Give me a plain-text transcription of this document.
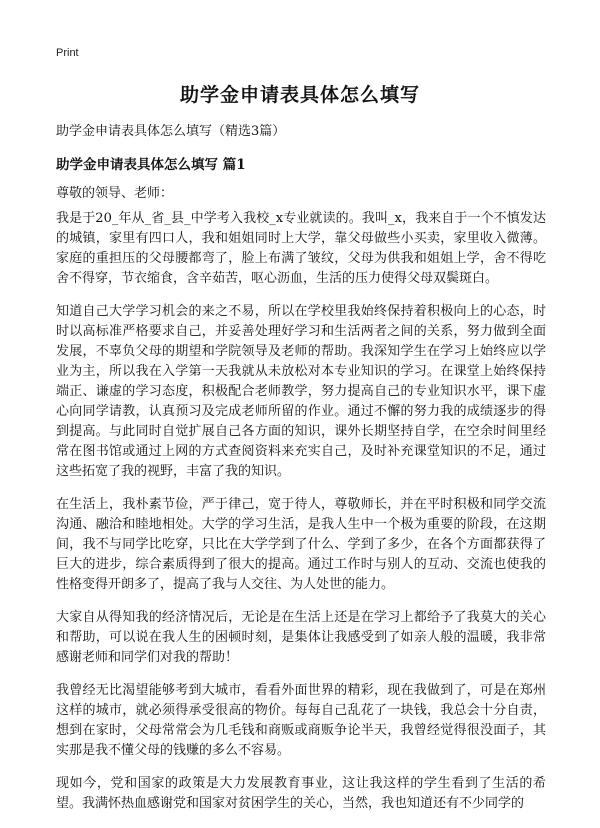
Print
助学金申请表具体怎么填写
助学金申请表具体怎么填写（精选3篇）
助学金申请表具体怎么填写 篇1
尊敬的领导、老师：

我是于20_年从_省_县_中学考入我校_x专业就读的。我叫_x，我来自于一个不慎发达的城镇，家里有四口人，我和姐姐同时上大学，靠父母做些小买卖，家里收入微薄。家庭的重担压的父母腰都弯了，脸上布满了皱纹，父母为供我和姐姐上学，舍不得吃舍不得穿，节衣缩食，含辛茹苦，呕心沥血，生活的压力使得父母双鬓斑白。

知道自己大学学习机会的来之不易，所以在学校里我始终保持着积极向上的心态，时时以高标准严格要求自己，并妥善处理好学习和生活两者之间的关系，努力做到全面发展，不辜负父母的期望和学院领导及老师的帮助。我深知学生在学习上始终应以学业为主，所以我在入学第一天我就从未放松对本专业知识的学习。在课堂上始终保持端正、谦虚的学习态度，积极配合老师教学，努力提高自己的专业知识水平，课下虚心向同学请教，认真预习及完成老师所留的作业。通过不懈的努力我的成绩逐步的得到提高。与此同时自觉扩展自己各方面的知识，课外长期坚持自学，在空余时间里经常在图书馆或通过上网的方式查阅资料来充实自己，及时补充课堂知识的不足，通过这些拓宽了我的视野，丰富了我的知识。

在生活上，我朴素节俭，严于律己，宽于待人，尊敬师长，并在平时积极和同学交流沟通、融洽和睦地相处。大学的学习生活，是我人生中一个极为重要的阶段，在这期间，我不与同学比吃穿，只比在大学学到了什么、学到了多少，在各个方面都获得了巨大的进步，综合素质得到了很大的提高。通过工作时与别人的互动、交流也使我的性格变得开朗多了，提高了我与人交往、为人处世的能力。

大家自从得知我的经济情况后，无论是在生活上还是在学习上都给予了我莫大的关心和帮助，可以说在我人生的困顿时刻，是集体让我感受到了如亲人般的温暖，我非常感谢老师和同学们对我的帮助！

我曾经无比渴望能够考到大城市，看看外面世界的精彩，现在我做到了，可是在郑州这样的城市，就必须得承受很高的物价。每每自己乱花了一块钱，我总会十分自责，想到在家时，父母常常会为几毛钱和商贩或商贩争论半天，我曾经觉得很没面子，其实那是我不懂父母的钱赚的多么不容易。

现如今，党和国家的政策是大力发展教育事业，这让我这样的学生看到了生活的希望。我满怀热血感谢党和国家对贫困学生的关心，当然，我也知道还有不少同学的
